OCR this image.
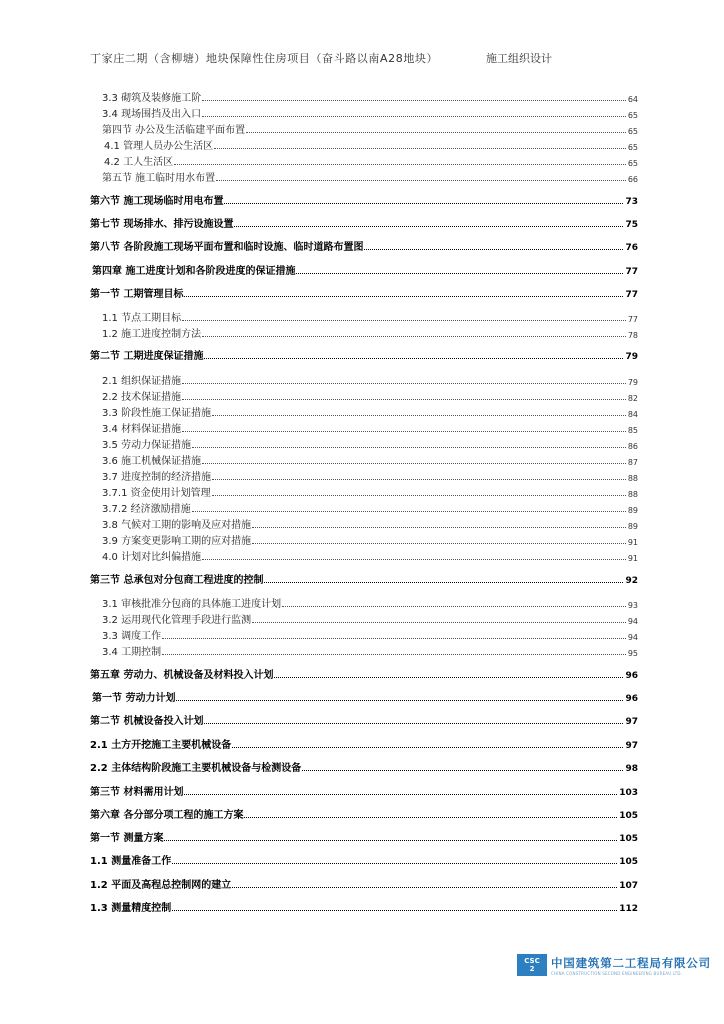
丁家庄二期（含柳塘）地块保障性住房项目（奋斗路以南A28地块）	施工组织设计
3.3 砌筑及装修施工阶	64
3.4 现场围挡及出入口	65
第四节 办公及生活临建平面布置	65
4.1 管理人员办公生活区	65
4.2 工人生活区	65
第五节 施工临时用水布置	66
第六节 施工现场临时用电布置	73
第七节 现场排水、排污设施设置	75
第八节 各阶段施工现场平面布置和临时设施、临时道路布置图	76
第四章 施工进度计划和各阶段进度的保证措施	77
第一节 工期管理目标	77
1.1 节点工期目标	77
1.2 施工进度控制方法	78
第二节 工期进度保证措施	79
2.1 组织保证措施	79
2.2 技术保证措施	82
3.3 阶段性施工保证措施	84
3.4 材料保证措施	85
3.5 劳动力保证措施	86
3.6 施工机械保证措施	87
3.7 进度控制的经济措施	88
3.7.1 资金使用计划管理	88
3.7.2 经济激励措施	89
3.8 气候对工期的影响及应对措施	89
3.9 方案变更影响工期的应对措施	91
4.0 计划对比纠偏措施	91
第三节 总承包对分包商工程进度的控制	92
3.1 审核批准分包商的具体施工进度计划	93
3.2 运用现代化管理手段进行监测	94
3.3 调度工作	94
3.4 工期控制	95
第五章 劳动力、机械设备及材料投入计划	96
第一节 劳动力计划	96
第二节 机械设备投入计划	97
2.1 土方开挖施工主要机械设备	97
2.2 主体结构阶段施工主要机械设备与检测设备	98
第三节 材料需用计划	103
第六章 各分部分项工程的施工方案	105
第一节 测量方案	105
1.1 测量准备工作	105
1.2 平面及高程总控制网的建立	107
1.3 测量精度控制	112
CSC
2 中国建筑第二工程局有限公司
CHINA CONSTRUCTION SECOND ENGINEERING BUREAU LTD.
